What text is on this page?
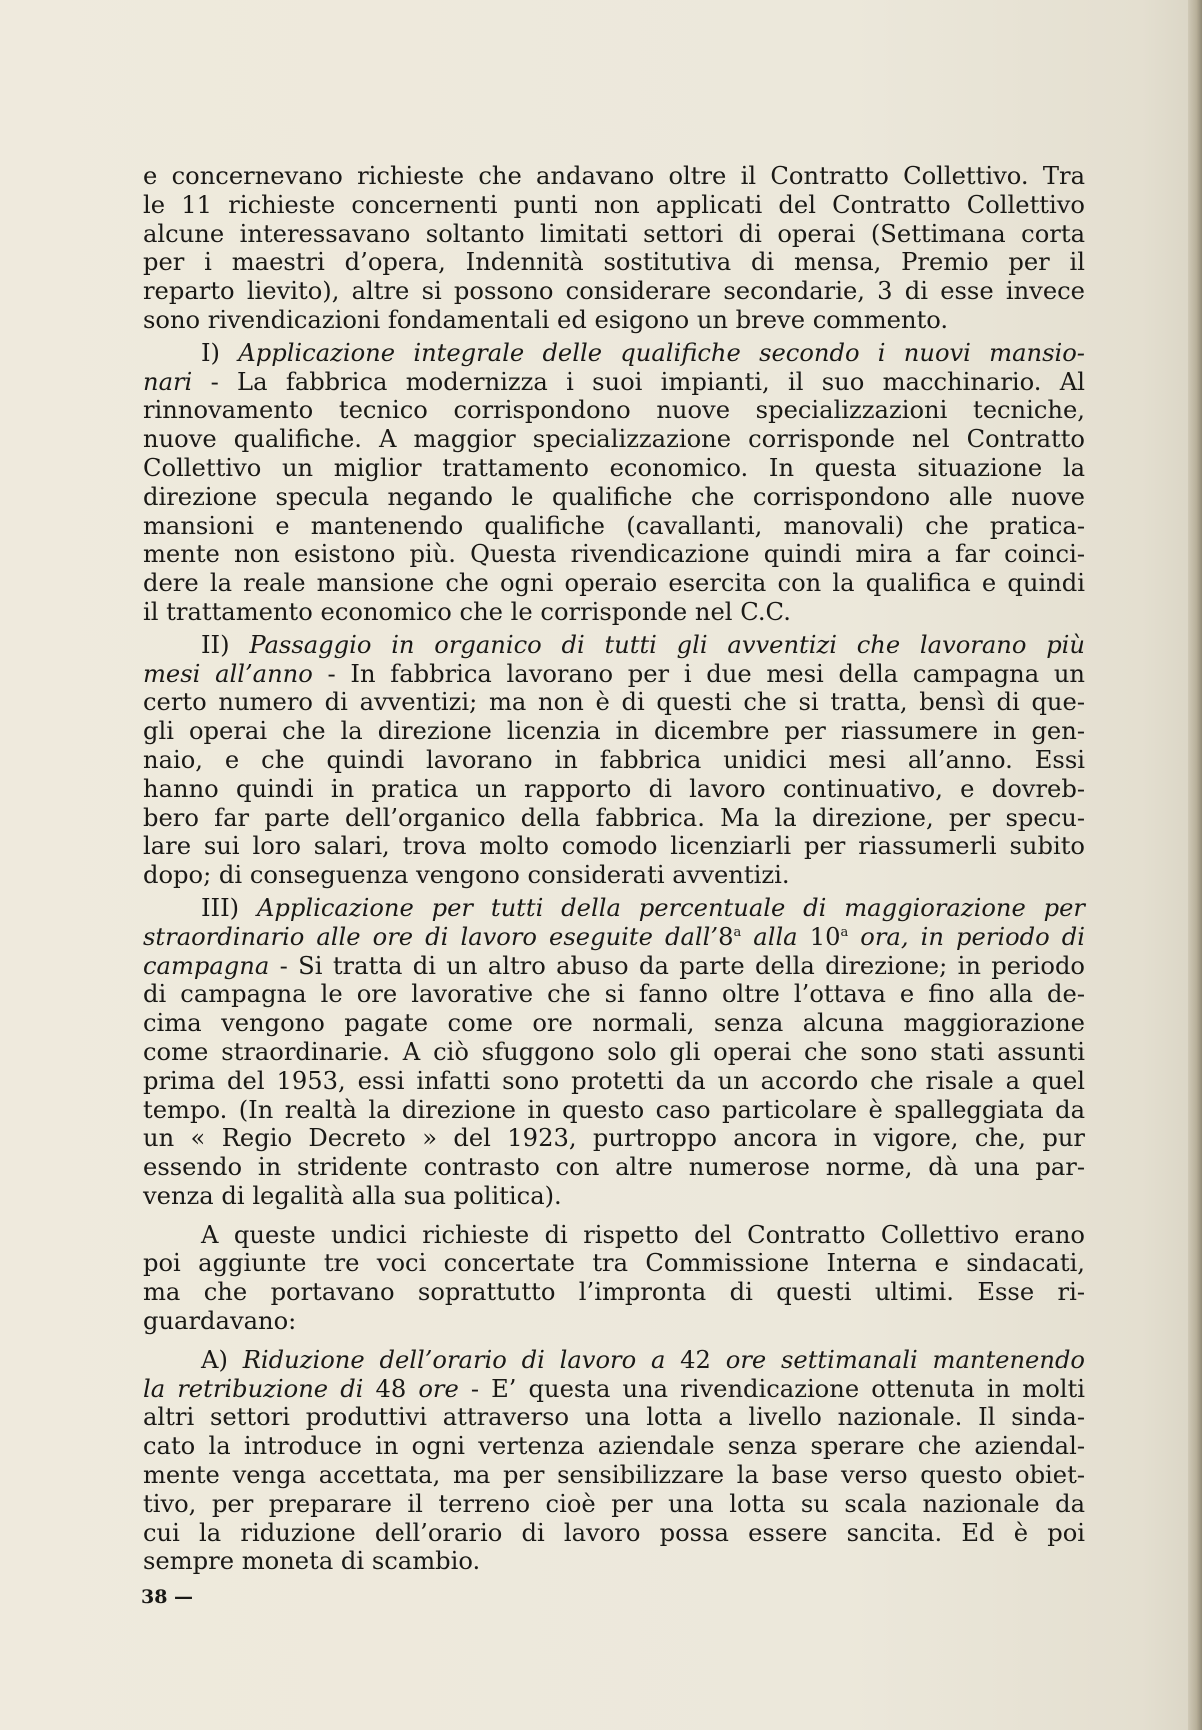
e concernevano richieste che andavano oltre il Contratto Collettivo. Tra
le 11 richieste concernenti punti non applicati del Contratto Collettivo
alcune interessavano soltanto limitati settori di operai (Settimana corta
per i maestri d’opera, Indennità sostitutiva di mensa, Premio per il
reparto lievito), altre si possono considerare secondarie, 3 di esse invece
sono rivendicazioni fondamentali ed esigono un breve commento.
I) Applicazione integrale delle qualifiche secondo i nuovi mansio-
nari - La fabbrica modernizza i suoi impianti, il suo macchinario. Al
rinnovamento tecnico corrispondono nuove specializzazioni tecniche,
nuove qualifiche. A maggior specializzazione corrisponde nel Contratto
Collettivo un miglior trattamento economico. In questa situazione la
direzione specula negando le qualifiche che corrispondono alle nuove
mansioni e mantenendo qualifiche (cavallanti, manovali) che pratica-
mente non esistono più. Questa rivendicazione quindi mira a far coinci-
dere la reale mansione che ogni operaio esercita con la qualifica e quindi
il trattamento economico che le corrisponde nel C.C.
II) Passaggio in organico di tutti gli avventizi che lavorano più
mesi all’anno - In fabbrica lavorano per i due mesi della campagna un
certo numero di avventizi; ma non è di questi che si tratta, bensì di que-
gli operai che la direzione licenzia in dicembre per riassumere in gen-
naio, e che quindi lavorano in fabbrica unidici mesi all’anno. Essi
hanno quindi in pratica un rapporto di lavoro continuativo, e dovreb-
bero far parte dell’organico della fabbrica. Ma la direzione, per specu-
lare sui loro salari, trova molto comodo licenziarli per riassumerli subito
dopo; di conseguenza vengono considerati avventizi.
III) Applicazione per tutti della percentuale di maggiorazione per
straordinario alle ore di lavoro eseguite dall’8$^a$ alla 10$^a$ ora, in periodo di
campagna - Si tratta di un altro abuso da parte della direzione; in periodo
di campagna le ore lavorative che si fanno oltre l’ottava e fino alla de-
cima vengono pagate come ore normali, senza alcuna maggiorazione
come straordinarie. A ciò sfuggono solo gli operai che sono stati assunti
prima del 1953, essi infatti sono protetti da un accordo che risale a quel
tempo. (In realtà la direzione in questo caso particolare è spalleggiata da
un « Regio Decreto » del 1923, purtroppo ancora in vigore, che, pur
essendo in stridente contrasto con altre numerose norme, dà una par-
venza di legalità alla sua politica).
A queste undici richieste di rispetto del Contratto Collettivo erano
poi aggiunte tre voci concertate tra Commissione Interna e sindacati,
ma che portavano soprattutto l’impronta di questi ultimi. Esse ri-
guardavano:
A) Riduzione dell’orario di lavoro a 42 ore settimanali mantenendo
la retribuzione di 48 ore - E’ questa una rivendicazione ottenuta in molti
altri settori produttivi attraverso una lotta a livello nazionale. Il sinda-
cato la introduce in ogni vertenza aziendale senza sperare che aziendal-
mente venga accettata, ma per sensibilizzare la base verso questo obiet-
tivo, per preparare il terreno cioè per una lotta su scala nazionale da
cui la riduzione dell’orario di lavoro possa essere sancita. Ed è poi
sempre moneta di scambio.
38 —
